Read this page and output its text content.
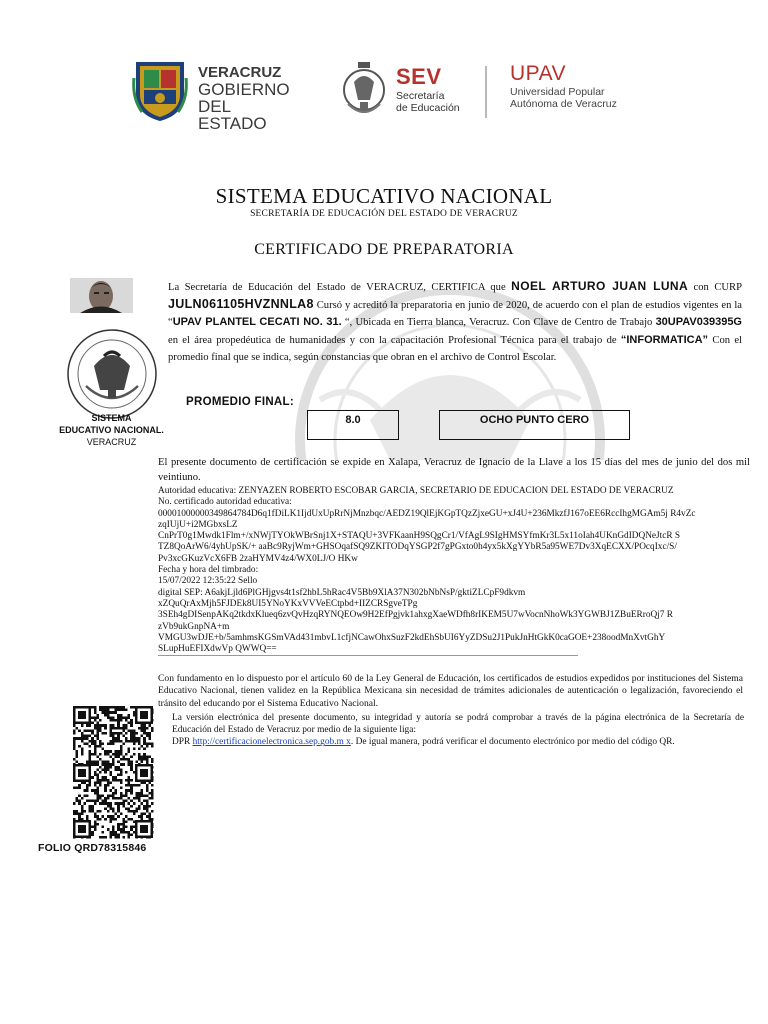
VERACRUZ
GOBIERNO
DEL ESTADO
SEV
Secretaría
de Educación
UPAV
Universidad Popular
Autónoma de Veracruz
SISTEMA EDUCATIVO NACIONAL
SECRETARÍA DE EDUCACIÓN DEL ESTADO DE VERACRUZ
CERTIFICADO DE PREPARATORIA
SISTEMA
EDUCATIVO NACIONAL.
VERACRUZ
La Secretaría de Educación del Estado de VERACRUZ, CERTIFICA que NOEL ARTURO JUAN LUNA con CURP JULN061105HVZNNLA8 Cursó y acreditó la preparatoria en junio de 2020, de acuerdo con el plan de estudios vigentes en la “UPAV PLANTEL CECATI NO. 31. “, Ubicada en Tierra blanca, Veracruz. Con Clave de Centro de Trabajo 30UPAV039395G en el área propedéutica de humanidades y con la capacitación Profesional Técnica para el trabajo de “INFORMATICA” Con el promedio final que se indica, según constancias que obran en el archivo de Control Escolar.
PROMEDIO FINAL:
8.0	OCHO PUNTO CERO
El presente documento de certificación se expide en Xalapa, Veracruz de Ignacio de la Llave a los 15 días del mes de junio del dos mil veintiuno.
Autoridad educativa: ZENYAZEN ROBERTO ESCOBAR GARCÍA, SECRETARIO DE EDUCACIÓN DEL ESTADO DE VERACRUZ
No. certificado autoridad educativa:
00001000000349864784D6q1fDiLK1IjdUxUpRrNjMnzbqc/AEDZ19QlEjKGpTQzZjxeGU+xJ4U+236MkzfJ167oEE6RccIhgMGAm5j R4vZc
zqIUjU+i2MGbxsLZ
CnPrT0g1Mwdk1Flm+/xNWjTYOkWBrSnj1X+STAQU+3VFKaanH9SQgCr1/VfAgL9SIgHMSYfmKr3L5x11oIah4UKnGdIDQNeJtcR S
TZ8QoArW6/4yhUpSK/+ aaBc9RyjWm+GHSOqafSQ9ZKITODqYSGP2f7gPGxto0h4yx5kXgYYbR5a95WE7Dv3XqECXX/POcqIxc/S/
Pv3xcGKuzVcX6FB 2zaHYMV4z4/WX0LJ/O HKw
Fecha y hora del timbrado:
15/07/2022 12:35:22 Sello
digital SEP: A6akjLjld6PlGHjgvs4t1sf2hbL5hRac4V5Bb9XlA37N302bNbNsP/gktiZLCpF9dkvm
xZQuQrAxMjh5FJDEk8UI5YNoYKxVVVeECtpbd+IIZCRSgveTPg
3SEh4gDISenpAKq2tkdxKlueq6zvQvHzqRYNQEOw9H2EfPgjvk1ahxgXaeWDfh8rIKEM5U7wVocnNhoWk3YGWBJ1ZBuERroQj7 R
zVb9ukGnpNA+m
VMGU3wDJE+b/5amhmsKGSmVAd431mbvL1cfjNCawOhxSuzF2kdEhSbUI6YyZDSu2J1PukJnHtGkK0caGOE+238oodMnXvtGhY
SLupHuEFIXdwVp QWWQ==
Con fundamento en lo dispuesto por el artículo 60 de la Ley General de Educación, los certificados de estudios expedidos por instituciones del Sistema Educativo Nacional, tienen validez en la República Mexicana sin necesidad de trámites adicionales de autenticación o legalización, favoreciendo el tránsito del educando por el Sistema Educativo Nacional.
FOLIO QRD78315846
La versión electrónica del presente documento, su integridad y autoría se podrá comprobar a través de la página electrónica de la Secretaría de Educación del Estado de Veracruz por medio de la siguiente liga:
DPR http://certificacionelectronica.sep.gob.m x. De igual manera, podrá verificar el documento electrónico por medio del código QR.
